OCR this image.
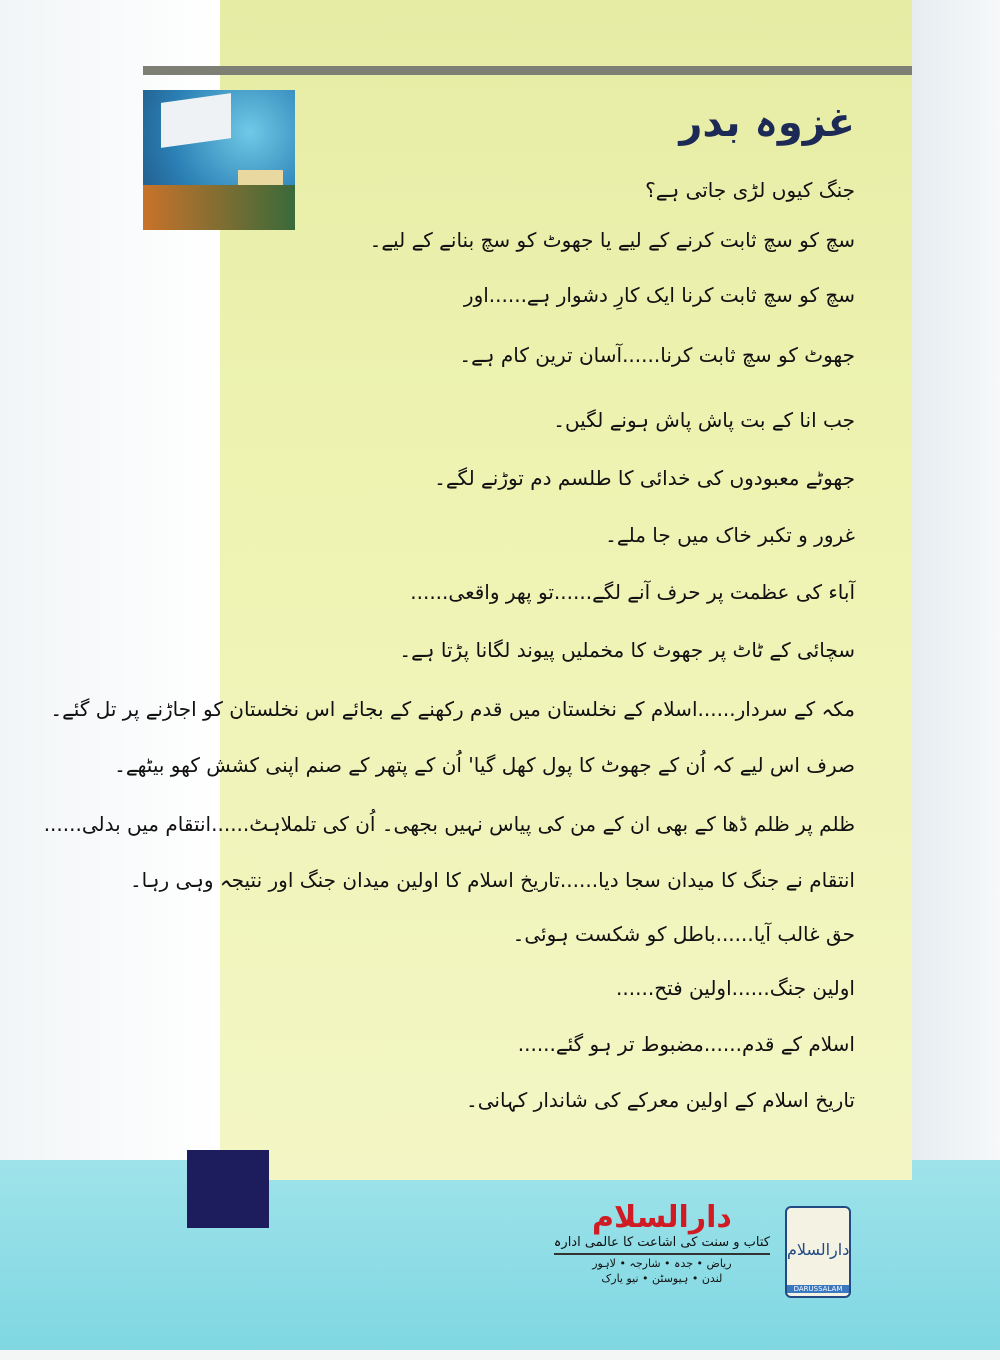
غزوہ بدر
جنگ کیوں لڑی جاتی ہے؟
سچ کو سچ ثابت کرنے کے لیے یا جھوٹ کو سچ بنانے کے لیے۔
سچ کو سچ ثابت کرنا ایک کارِ دشوار ہے......اور
جھوٹ کو سچ ثابت کرنا......آسان ترین کام ہے۔
جب انا کے بت پاش پاش ہونے لگیں۔
جھوٹے معبودوں کی خدائی کا طلسم دم توڑنے لگے۔
غرور و تکبر خاک میں جا ملے۔
آباء کی عظمت پر حرف آنے لگے......تو پھر واقعی......
سچائی کے ٹاٹ پر جھوٹ کا مخملیں پیوند لگانا پڑتا ہے۔
مکہ کے سردار......اسلام کے نخلستان میں قدم رکھنے کے بجائے اس نخلستان کو اجاڑنے پر تل گئے۔
صرف اس لیے کہ اُن کے جھوٹ کا پول کھل گیا' اُن کے پتھر کے صنم اپنی کشش کھو بیٹھے۔
ظلم پر ظلم ڈھا کے بھی ان کے من کی پیاس نہیں بجھی۔ اُن کی تلملاہٹ......انتقام میں بدلی......
انتقام نے جنگ کا میدان سجا دیا......تاریخ اسلام کا اولین میدان جنگ اور نتیجہ وہی رہا۔
حق غالب آیا......باطل کو شکست ہوئی۔
اولین جنگ......اولین فتح......
اسلام کے قدم......مضبوط تر ہو گئے......
تاریخ اسلام کے اولین معرکے کی شاندار کہانی۔
دارالسلام
کتاب و سنت کی اشاعت کا عالمی ادارہ
ریاض • جدہ • شارجہ • لاہور
لندن • ہیوسٹن • نیو یارک
دارالسلام
DARUSSALAM
